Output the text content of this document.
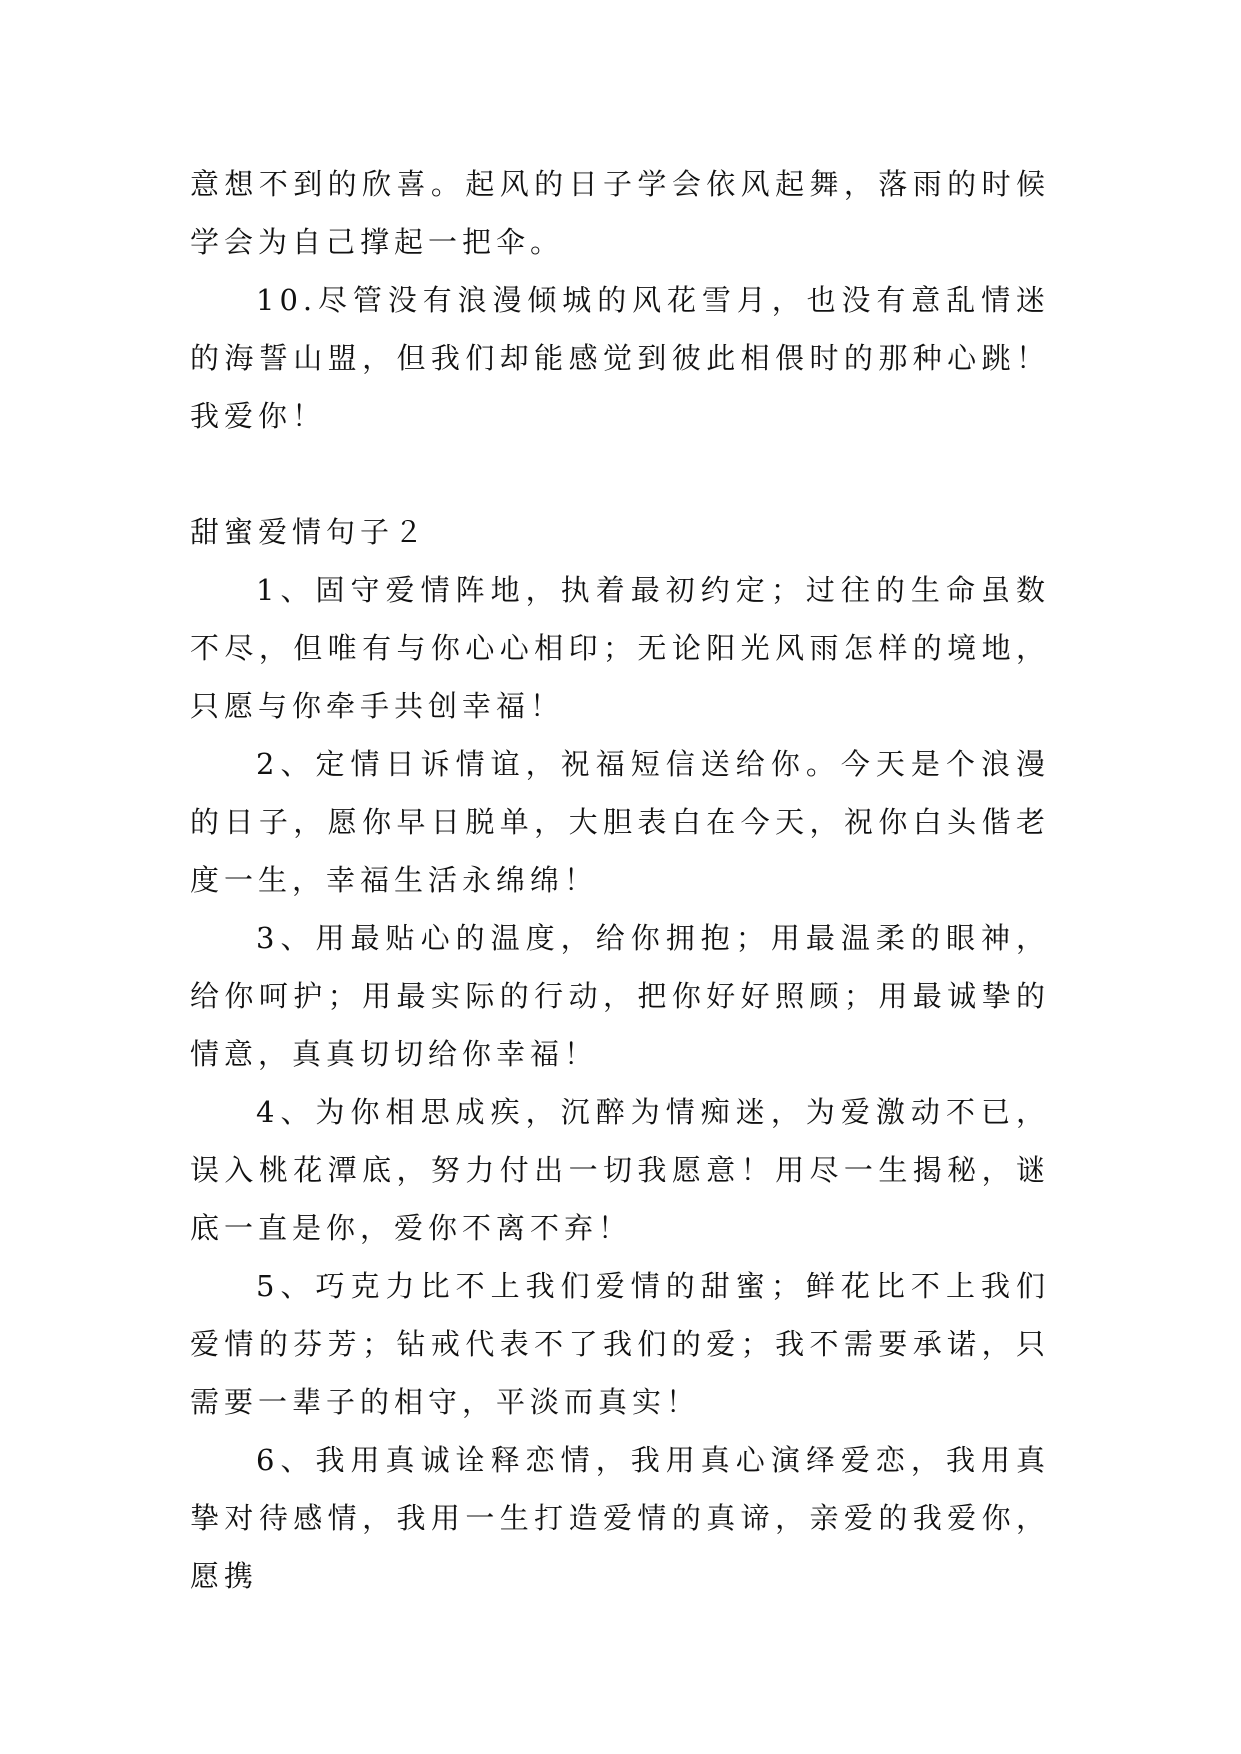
意想不到的欣喜。起风的日子学会依风起舞，落雨的时候学会为自己撑起一把伞。

10.尽管没有浪漫倾城的风花雪月，也没有意乱情迷的海誓山盟，但我们却能感觉到彼此相偎时的那种心跳！我爱你！

甜蜜爱情句子２

1、固守爱情阵地，执着最初约定；过往的生命虽数不尽，但唯有与你心心相印；无论阳光风雨怎样的境地，只愿与你牵手共创幸福！

2、定情日诉情谊，祝福短信送给你。今天是个浪漫的日子，愿你早日脱单，大胆表白在今天，祝你白头偕老度一生，幸福生活永绵绵！

3、用最贴心的温度，给你拥抱；用最温柔的眼神，给你呵护；用最实际的行动，把你好好照顾；用最诚挚的情意，真真切切给你幸福！

4、为你相思成疾，沉醉为情痴迷，为爱激动不已，误入桃花潭底，努力付出一切我愿意！用尽一生揭秘，谜底一直是你，爱你不离不弃！

5、巧克力比不上我们爱情的甜蜜；鲜花比不上我们爱情的芬芳；钻戒代表不了我们的爱；我不需要承诺，只需要一辈子的相守，平淡而真实！

6、我用真诚诠释恋情，我用真心演绎爱恋，我用真挚对待感情，我用一生打造爱情的真谛，亲爱的我爱你，愿携
